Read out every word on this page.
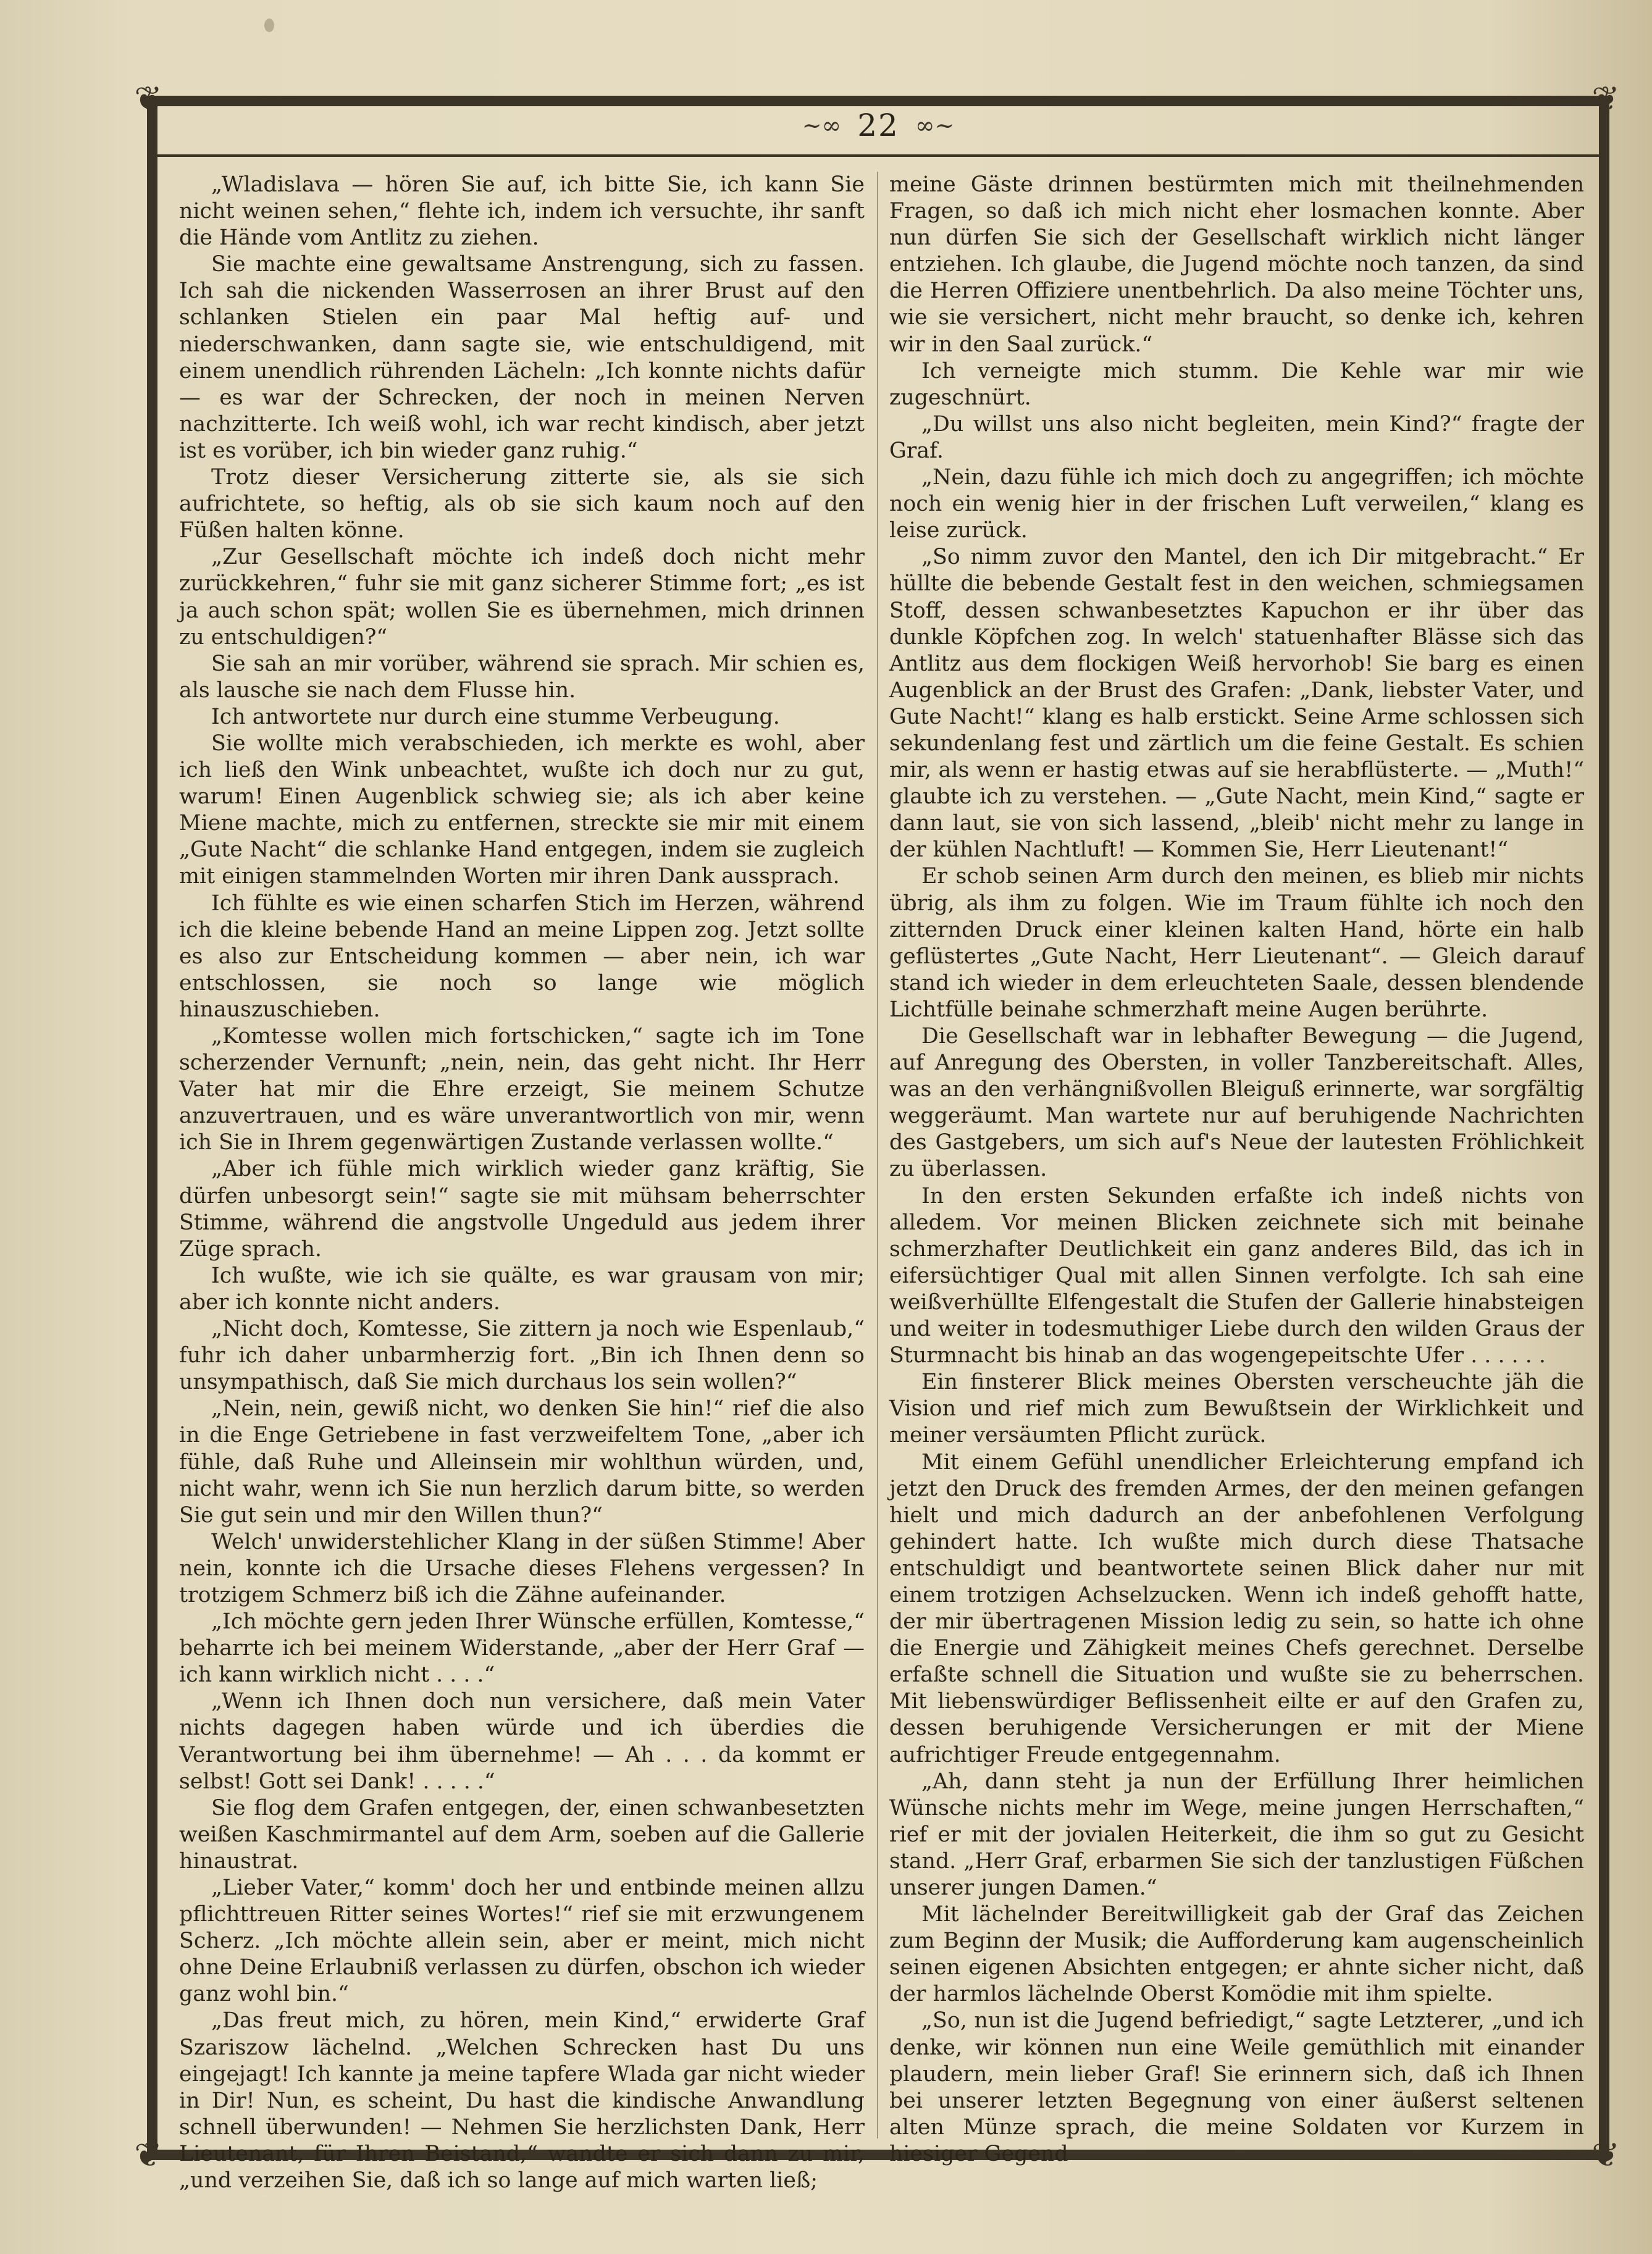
❦	❦
❦	❦
~∞ 22 ∞~

„Wladislava — hören Sie auf, ich bitte Sie, ich kann Sie nicht weinen sehen,“ flehte ich, indem ich versuchte, ihr sanft die Hände vom Antlitz zu ziehen.

Sie machte eine gewaltsame Anstrengung, sich zu fassen. Ich sah die nickenden Wasserrosen an ihrer Brust auf den schlanken Stielen ein paar Mal heftig auf- und niederschwanken, dann sagte sie, wie entschuldigend, mit einem unendlich rührenden Lächeln: „Ich konnte nichts dafür — es war der Schrecken, der noch in meinen Nerven nachzitterte. Ich weiß wohl, ich war recht kindisch, aber jetzt ist es vorüber, ich bin wieder ganz ruhig.“

Trotz dieser Versicherung zitterte sie, als sie sich aufrichtete, so heftig, als ob sie sich kaum noch auf den Füßen halten könne.

„Zur Gesellschaft möchte ich indeß doch nicht mehr zurückkehren,“ fuhr sie mit ganz sicherer Stimme fort; „es ist ja auch schon spät; wollen Sie es übernehmen, mich drinnen zu entschuldigen?“

Sie sah an mir vorüber, während sie sprach. Mir schien es, als lausche sie nach dem Flusse hin.

Ich antwortete nur durch eine stumme Verbeugung.

Sie wollte mich verabschieden, ich merkte es wohl, aber ich ließ den Wink unbeachtet, wußte ich doch nur zu gut, warum! Einen Augenblick schwieg sie; als ich aber keine Miene machte, mich zu entfernen, streckte sie mir mit einem „Gute Nacht“ die schlanke Hand entgegen, indem sie zugleich mit einigen stammelnden Worten mir ihren Dank aussprach.

Ich fühlte es wie einen scharfen Stich im Herzen, während ich die kleine bebende Hand an meine Lippen zog. Jetzt sollte es also zur Entscheidung kommen — aber nein, ich war entschlossen, sie noch so lange wie möglich hinauszuschieben.

„Komtesse wollen mich fortschicken,“ sagte ich im Tone scherzender Vernunft; „nein, nein, das geht nicht. Ihr Herr Vater hat mir die Ehre erzeigt, Sie meinem Schutze anzuvertrauen, und es wäre unverantwortlich von mir, wenn ich Sie in Ihrem gegenwärtigen Zustande verlassen wollte.“

„Aber ich fühle mich wirklich wieder ganz kräftig, Sie dürfen unbesorgt sein!“ sagte sie mit mühsam beherrschter Stimme, während die angstvolle Ungeduld aus jedem ihrer Züge sprach.

Ich wußte, wie ich sie quälte, es war grausam von mir; aber ich konnte nicht anders.

„Nicht doch, Komtesse, Sie zittern ja noch wie Espenlaub,“ fuhr ich daher unbarmherzig fort. „Bin ich Ihnen denn so unsympathisch, daß Sie mich durchaus los sein wollen?“

„Nein, nein, gewiß nicht, wo denken Sie hin!“ rief die also in die Enge Getriebene in fast verzweifeltem Tone, „aber ich fühle, daß Ruhe und Alleinsein mir wohlthun würden, und, nicht wahr, wenn ich Sie nun herzlich darum bitte, so werden Sie gut sein und mir den Willen thun?“

Welch' unwiderstehlicher Klang in der süßen Stimme! Aber nein, konnte ich die Ursache dieses Flehens vergessen? In trotzigem Schmerz biß ich die Zähne aufeinander.

„Ich möchte gern jeden Ihrer Wünsche erfüllen, Komtesse,“ beharrte ich bei meinem Widerstande, „aber der Herr Graf — ich kann wirklich nicht . . . .“

„Wenn ich Ihnen doch nun versichere, daß mein Vater nichts dagegen haben würde und ich überdies die Verantwortung bei ihm übernehme! — Ah . . . da kommt er selbst! Gott sei Dank! . . . . .“

Sie flog dem Grafen entgegen, der, einen schwanbesetzten weißen Kaschmirmantel auf dem Arm, soeben auf die Gallerie hinaustrat.

„Lieber Vater,“ komm' doch her und entbinde meinen allzu pflichttreuen Ritter seines Wortes!“ rief sie mit erzwungenem Scherz. „Ich möchte allein sein, aber er meint, mich nicht ohne Deine Erlaubniß verlassen zu dürfen, obschon ich wieder ganz wohl bin.“

„Das freut mich, zu hören, mein Kind,“ erwiderte Graf Szariszow lächelnd. „Welchen Schrecken hast Du uns eingejagt! Ich kannte ja meine tapfere Wlada gar nicht wieder in Dir! Nun, es scheint, Du hast die kindische Anwandlung schnell überwunden! — Nehmen Sie herzlichsten Dank, Herr Lieutenant, für Ihren Beistand,“ wandte er sich dann zu mir, „und verzeihen Sie, daß ich so lange auf mich warten ließ;

meine Gäste drinnen bestürmten mich mit theilnehmenden Fragen, so daß ich mich nicht eher losmachen konnte. Aber nun dürfen Sie sich der Gesellschaft wirklich nicht länger entziehen. Ich glaube, die Jugend möchte noch tanzen, da sind die Herren Offiziere unentbehrlich. Da also meine Töchter uns, wie sie versichert, nicht mehr braucht, so denke ich, kehren wir in den Saal zurück.“

Ich verneigte mich stumm. Die Kehle war mir wie zugeschnürt.

„Du willst uns also nicht begleiten, mein Kind?“ fragte der Graf.

„Nein, dazu fühle ich mich doch zu angegriffen; ich möchte noch ein wenig hier in der frischen Luft verweilen,“ klang es leise zurück.

„So nimm zuvor den Mantel, den ich Dir mitgebracht.“ Er hüllte die bebende Gestalt fest in den weichen, schmiegsamen Stoff, dessen schwanbesetztes Kapuchon er ihr über das dunkle Köpfchen zog. In welch' statuenhafter Blässe sich das Antlitz aus dem flockigen Weiß hervorhob! Sie barg es einen Augenblick an der Brust des Grafen: „Dank, liebster Vater, und Gute Nacht!“ klang es halb erstickt. Seine Arme schlossen sich sekundenlang fest und zärtlich um die feine Gestalt. Es schien mir, als wenn er hastig etwas auf sie herabflüsterte. — „Muth!“ glaubte ich zu verstehen. — „Gute Nacht, mein Kind,“ sagte er dann laut, sie von sich lassend, „bleib' nicht mehr zu lange in der kühlen Nachtluft! — Kommen Sie, Herr Lieutenant!“

Er schob seinen Arm durch den meinen, es blieb mir nichts übrig, als ihm zu folgen. Wie im Traum fühlte ich noch den zitternden Druck einer kleinen kalten Hand, hörte ein halb geflüstertes „Gute Nacht, Herr Lieutenant“. — Gleich darauf stand ich wieder in dem erleuchteten Saale, dessen blendende Lichtfülle beinahe schmerzhaft meine Augen berührte.

Die Gesellschaft war in lebhafter Bewegung — die Jugend, auf Anregung des Obersten, in voller Tanzbereitschaft. Alles, was an den verhängnißvollen Bleiguß erinnerte, war sorgfältig weggeräumt. Man wartete nur auf beruhigende Nachrichten des Gastgebers, um sich auf's Neue der lautesten Fröhlichkeit zu überlassen.

In den ersten Sekunden erfaßte ich indeß nichts von alledem. Vor meinen Blicken zeichnete sich mit beinahe schmerzhafter Deutlichkeit ein ganz anderes Bild, das ich in eifersüchtiger Qual mit allen Sinnen verfolgte. Ich sah eine weißverhüllte Elfengestalt die Stufen der Gallerie hinabsteigen und weiter in todesmuthiger Liebe durch den wilden Graus der Sturmnacht bis hinab an das wogengepeitschte Ufer . . . . . .

Ein finsterer Blick meines Obersten verscheuchte jäh die Vision und rief mich zum Bewußtsein der Wirklichkeit und meiner versäumten Pflicht zurück.

Mit einem Gefühl unendlicher Erleichterung empfand ich jetzt den Druck des fremden Armes, der den meinen gefangen hielt und mich dadurch an der anbefohlenen Verfolgung gehindert hatte. Ich wußte mich durch diese Thatsache entschuldigt und beantwortete seinen Blick daher nur mit einem trotzigen Achselzucken. Wenn ich indeß gehofft hatte, der mir übertragenen Mission ledig zu sein, so hatte ich ohne die Energie und Zähigkeit meines Chefs gerechnet. Derselbe erfaßte schnell die Situation und wußte sie zu beherrschen. Mit liebenswürdiger Beflissenheit eilte er auf den Grafen zu, dessen beruhigende Versicherungen er mit der Miene aufrichtiger Freude entgegennahm.

„Ah, dann steht ja nun der Erfüllung Ihrer heimlichen Wünsche nichts mehr im Wege, meine jungen Herrschaften,“ rief er mit der jovialen Heiterkeit, die ihm so gut zu Gesicht stand. „Herr Graf, erbarmen Sie sich der tanzlustigen Füßchen unserer jungen Damen.“

Mit lächelnder Bereitwilligkeit gab der Graf das Zeichen zum Beginn der Musik; die Aufforderung kam augenscheinlich seinen eigenen Absichten entgegen; er ahnte sicher nicht, daß der harmlos lächelnde Oberst Komödie mit ihm spielte.

„So, nun ist die Jugend befriedigt,“ sagte Letzterer, „und ich denke, wir können nun eine Weile gemüthlich mit einander plaudern, mein lieber Graf! Sie erinnern sich, daß ich Ihnen bei unserer letzten Begegnung von einer äußerst seltenen alten Münze sprach, die meine Soldaten vor Kurzem in hiesiger Gegend
